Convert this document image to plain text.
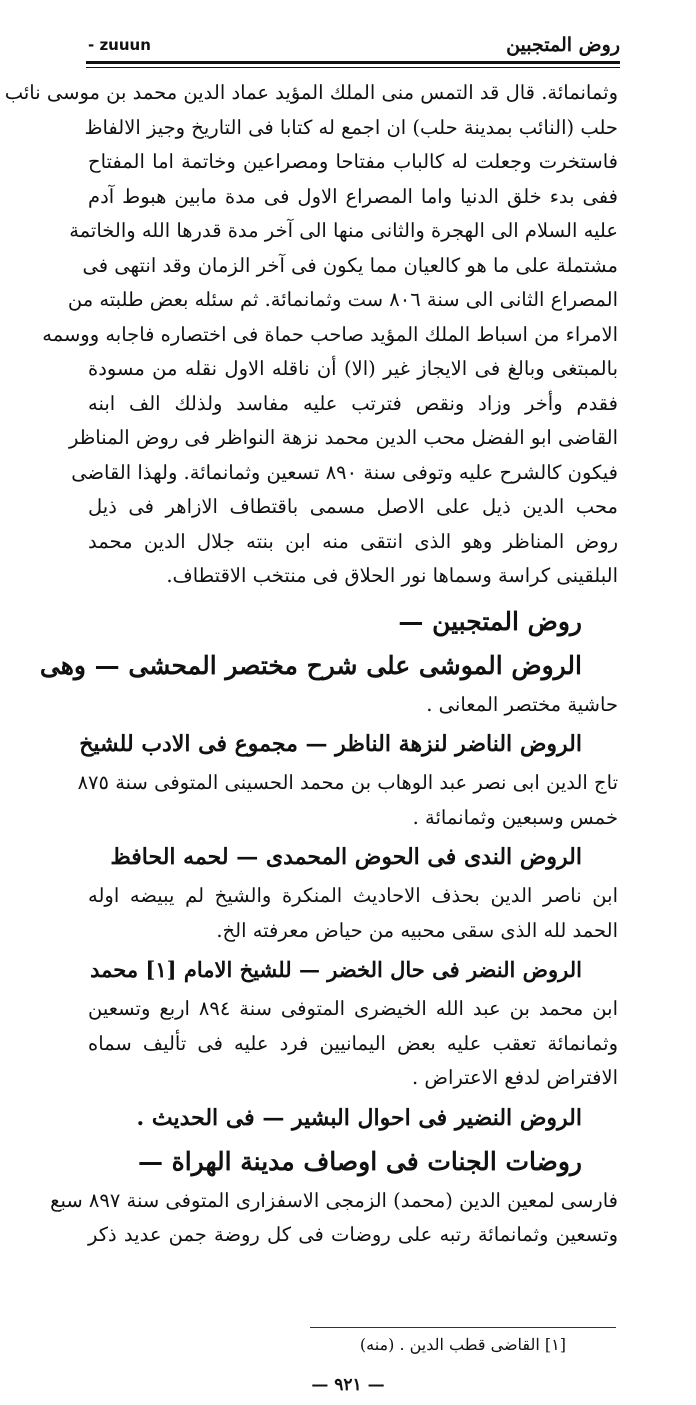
- zuuun	روض المتجبين
وثمانمائة. قال قد التمس منى الملك المؤيد عماد الدين محمد بن موسى نائب
حلب (النائب بمدينة حلب) ان اجمع له كتابا فى التاريخ وجيز الالفاظ
فاستخرت وجعلت له كالباب مفتاحا ومصراعين وخاتمة اما المفتاح
ففى بدء خلق الدنيا واما المصراع الاول فى مدة مابين هبوط آدم
عليه السلام الى الهجرة والثانى منها الى آخر مدة قدرها الله والخاتمة
مشتملة على ما هو كالعيان مما يكون فى آخر الزمان وقد انتهى فى
المصراع الثانى الى سنة ٨٠٦ ست وثمانمائة. ثم سئله بعض طلبته من
الامراء من اسباط الملك المؤيد صاحب حماة فى اختصاره فاجابه ووسمه
بالمبتغى وبالغ فى الايجاز غير (الا) أن ناقله الاول نقله من مسودة
فقدم وأخر وزاد ونقص فترتب عليه مفاسد ولذلك الف ابنه
القاضى ابو الفضل محب الدين محمد نزهة النواظر فى روض المناظر
فيكون كالشرح عليه وتوفى سنة ٨٩٠ تسعين وثمانمائة. ولهذا القاضى
محب الدين ذيل على الاصل مسمى باقتطاف الازاهر فى ذيل
روض المناظر وهو الذى انتقى منه ابن بنته جلال الدين محمد
البلقينى كراسة وسماها نور الحلاق فى منتخب الاقتطاف.
روض المتجبين —
الروض الموشى على شرح مختصر المحشى — وهى
حاشية مختصر المعانى .
الروض الناضر لنزهة الناظر — مجموع فى الادب للشيخ
تاج الدين ابى نصر عبد الوهاب بن محمد الحسينى المتوفى سنة ٨٧٥
خمس وسبعين وثمانمائة .
الروض الندى فى الحوض المحمدى — لحمه الحافظ
ابن ناصر الدين بحذف الاحاديث المنكرة والشيخ لم يبيضه اوله
الحمد لله الذى سقى محبيه من حياض معرفته الخ.
الروض النضر فى حال الخضر — للشيخ الامام [١] محمد
ابن محمد بن عبد الله الخيضرى المتوفى سنة ٨٩٤ اربع وتسعين
وثمانمائة تعقب عليه بعض اليمانيين فرد عليه فى تأليف سماه
الافتراض لدفع الاعتراض .
الروض النضير فى احوال البشير — فى الحديث .
روضات الجنات فى اوصاف مدينة الهراة —
فارسى لمعين الدين (محمد) الزمجى الاسفزارى المتوفى سنة ٨٩٧ سبع
وتسعين وثمانمائة رتبه على روضات فى كل روضة جمن عديد ذكر
[١] القاضى قطب الدين . (منه)
— ٩٢١ —
